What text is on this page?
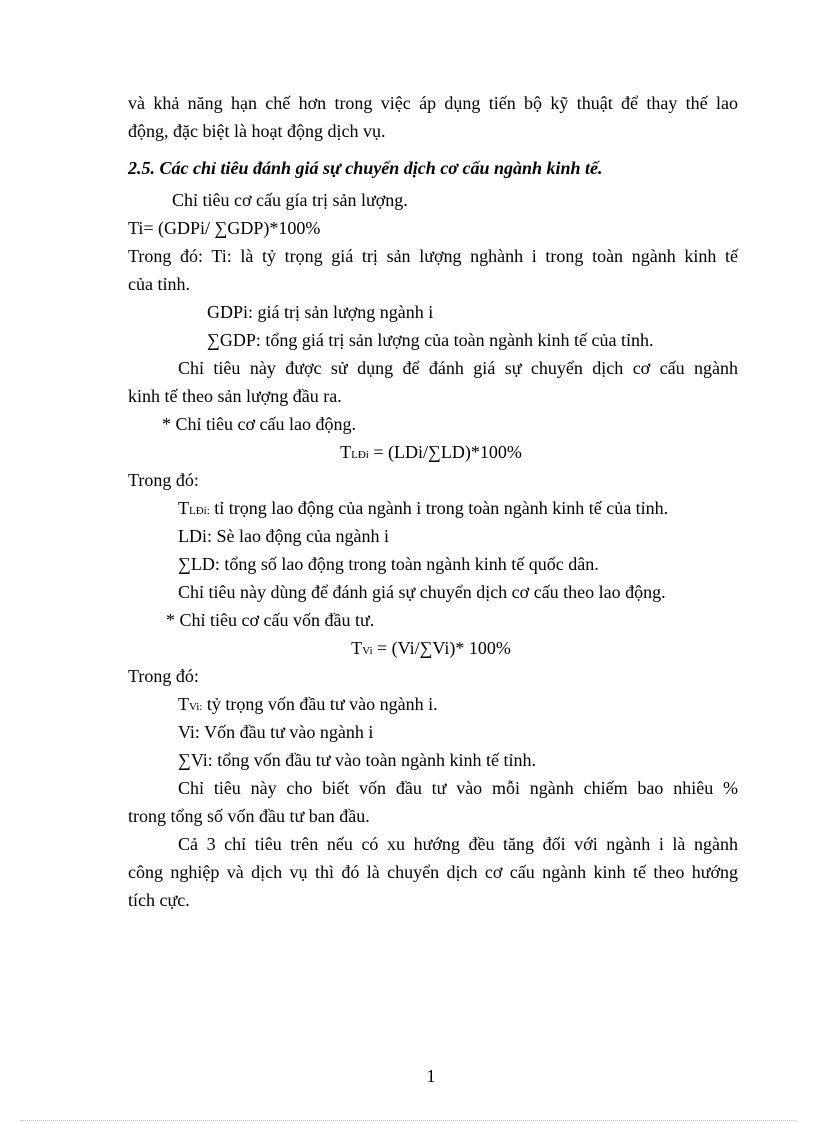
và khả năng hạn chế hơn trong việc áp dụng tiến bộ kỹ thuật để thay thế lao
động, đặc biệt là hoạt động dịch vụ.
2.5. Các chỉ tiêu đánh giá sự chuyển dịch cơ cấu ngành kinh tế.
Chỉ tiêu cơ cấu gía trị sản lượng.
Ti= (GDPi/ ∑GDP)*100%
Trong đó: Ti: là tỷ trọng giá trị sản lượng nghành i trong toàn ngành kinh tế
của tỉnh.
GDPi: giá trị sản lượng ngành i
∑GDP: tổng giá trị sản lượng của toàn ngành kinh tế của tỉnh.
Chỉ tiêu này được sử dụng để đánh giá sự chuyển dịch cơ cấu ngành
kinh tế theo sản lượng đầu ra.
* Chỉ tiêu cơ cấu lao động.
TLĐi = (LDi/∑LD)*100%
Trong đó:
TLĐi: tỉ trọng lao động của ngành i trong toàn ngành kinh tế của tỉnh.
LDi: Sè lao động của ngành i
∑LD: tổng số lao động trong toàn ngành kinh tế quốc dân.
Chỉ tiêu này dùng để đánh giá sự chuyển dịch cơ cấu theo lao động.
* Chỉ tiêu cơ cấu vốn đầu tư.
TVi = (Vi/∑Vi)* 100%
Trong đó:
TVi: tỷ trọng vốn đầu tư vào ngành i.
Vi: Vốn đầu tư vào ngành i
∑Vi: tổng vốn đầu tư vào toàn ngành kinh tế tỉnh.
Chỉ tiêu này cho biết vốn đầu tư vào mỗi ngành chiếm bao nhiêu %
trong tổng số vốn đầu tư ban đầu.
Cả 3 chỉ tiêu trên nếu có xu hướng đều tăng đối với ngành i là ngành
công nghiệp và dịch vụ thì đó là chuyển dịch cơ cấu ngành kinh tế theo hướng
tích cực.
1
